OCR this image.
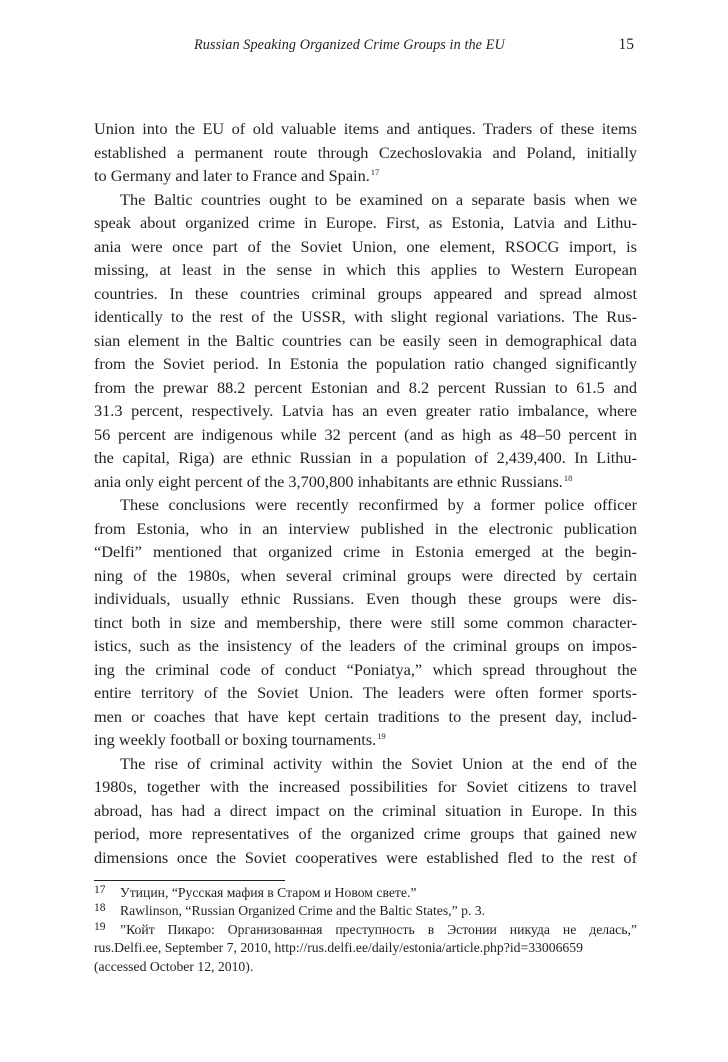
Russian Speaking Organized Crime Groups in the EU	15
Union into the EU of old valuable items and antiques. Traders of these items
established a permanent route through Czechoslovakia and Poland, initially
to Germany and later to France and Spain.$^{17}$
The Baltic countries ought to be examined on a separate basis when we
speak about organized crime in Europe. First, as Estonia, Latvia and Lithu-
ania were once part of the Soviet Union, one element, RSOCG import, is
missing, at least in the sense in which this applies to Western European
countries. In these countries criminal groups appeared and spread almost
identically to the rest of the USSR, with slight regional variations. The Rus-
sian element in the Baltic countries can be easily seen in demographical data
from the Soviet period. In Estonia the population ratio changed significantly
from the prewar 88.2 percent Estonian and 8.2 percent Russian to 61.5 and
31.3 percent, respectively. Latvia has an even greater ratio imbalance, where
56 percent are indigenous while 32 percent (and as high as 48–50 percent in
the capital, Riga) are ethnic Russian in a population of 2,439,400. In Lithu-
ania only eight percent of the 3,700,800 inhabitants are ethnic Russians.$^{18}$
These conclusions were recently reconfirmed by a former police officer
from Estonia, who in an interview published in the electronic publication
“Delfi” mentioned that organized crime in Estonia emerged at the begin-
ning of the 1980s, when several criminal groups were directed by certain
individuals, usually ethnic Russians. Even though these groups were dis-
tinct both in size and membership, there were still some common character-
istics, such as the insistency of the leaders of the criminal groups on impos-
ing the criminal code of conduct “Poniatya,” which spread throughout the
entire territory of the Soviet Union. The leaders were often former sports-
men or coaches that have kept certain traditions to the present day, includ-
ing weekly football or boxing tournaments.$^{19}$
The rise of criminal activity within the Soviet Union at the end of the
1980s, together with the increased possibilities for Soviet citizens to travel
abroad, has had a direct impact on the criminal situation in Europe. In this
period, more representatives of the organized crime groups that gained new
dimensions once the Soviet cooperatives were established fled to the rest of
17	Утицин, “Русская мафия в Старом и Новом свете.”
18	Rawlinson, “Russian Organized Crime and the Baltic States,” p. 3.
19	”Койт Пикаро: Организованная преступность в Эстонии никуда не делась,”
rus.Delfi.ee, September 7, 2010, http://rus.delfi.ee/daily/estonia/article.php?id=33006659
(accessed October 12, 2010).
